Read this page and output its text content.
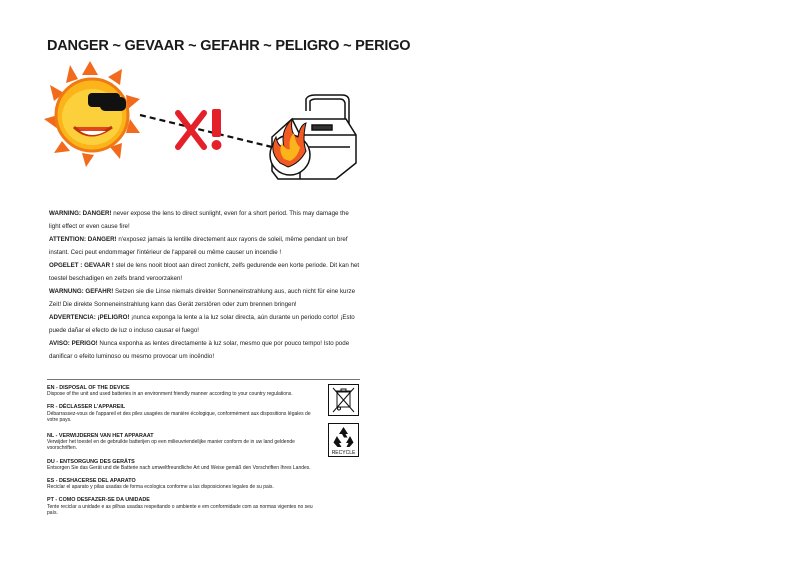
DANGER ~ GEVAAR ~ GEFAHR ~ PELIGRO ~ PERIGO

WARNING: DANGER! never expose the lens to direct sunlight, even for a short period. This may damage the light effect or even cause fire!

ATTENTION: DANGER! n'exposez jamais la lentille directement aux rayons de soleil, même pendant un bref instant. Ceci peut endommager l'intérieur de l'appareil ou même causer un incendie !

OPGELET : GEVAAR ! stel de lens nooit bloot aan direct zonlicht, zelfs gedurende een korte periode. Dit kan het toestel beschadigen en zelfs brand veroorzaken!

WARNUNG: GEFAHR! Setzen sie die Linse niemals direkter Sonneneinstrahlung aus, auch nicht für eine kurze Zeit! Die direkte Sonneneinstrahlung kann das Gerät zerstören oder zum brennen bringen!

ADVERTENCIA: ¡PELIGRO! ¡nunca exponga la lente a la luz solar directa, aún durante un periodo corto! ¡Esto puede dañar el efecto de luz o incluso causar el fuego!

AVISO: PERIGO! Nunca exponha as lentes directamente à luz solar, mesmo que por pouco tempo! Isto pode danificar o efeito luminoso ou mesmo provocar um incêndio!

EN - DISPOSAL OF THE DEVICE
Dispose of the unit and used batteries in an environment friendly manner according to your country regulations.
FR - DÉCLASSER L'APPAREIL
Débarrassez-vous de l'appareil et des piles usagées de manière écologique, conformément aux dispositions légales de votre pays.
NL - VERWIJDEREN VAN HET APPARAAT
Verwijder het toestel en de gebruikte batterijen op een milieuvriendelijke manier conform de in uw land geldende voorschriften.
DU - ENTSORGUNG DES GERÄTS
Entsorgen Sie das Gerät und die Batterie nach umweltfreundliche Art und Weise gemäß den Vorschriften Ihres Landes.
ES - DESHACERSE DEL APARATO
Reciclar el aparato y pilas usadas de forma ecologica conforme a las disposiciones legales de su pais.
PT - COMO DESFAZER-SE DA UNIDADE
Tente reciclar a unidade e as pilhas usadas respeitando o ambiente e em conformidade com as normas vigentes no seu país.
RECYCLE
